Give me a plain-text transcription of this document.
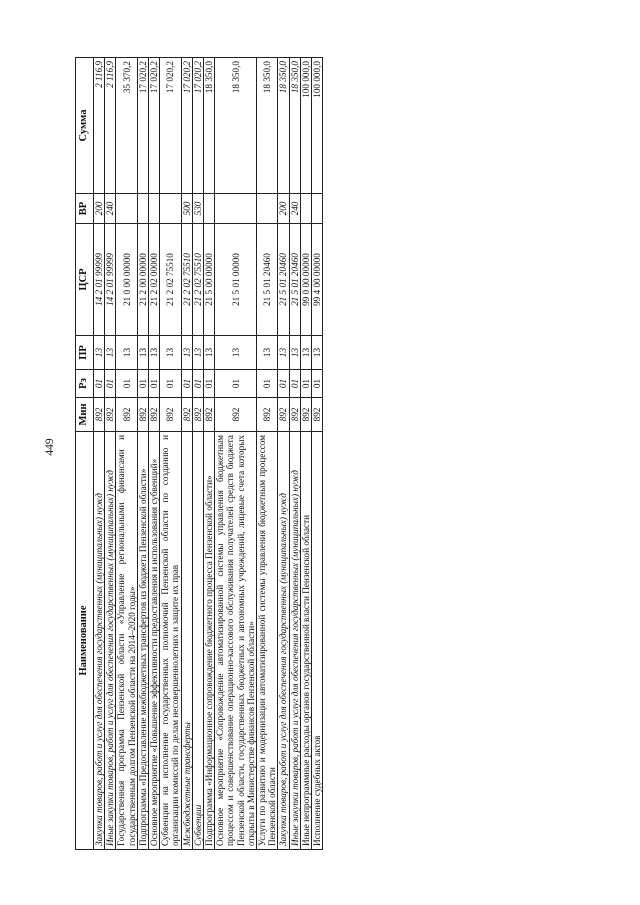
449
Наименование	Мин	Рз	ПР	ЦСР	ВР	Сумма
Закупка товаров, работ и услуг для обеспечения государственных (муниципальных) нужд	892	01	13	14 2 01 99999	200	2 116,9
Иные закупки товаров, работ и услуг для обеспечения государственных (муниципальных) нужд	892	01	13	14 2 01 99999	240	2 116,9
Государственная программа Пензенской области «Управление региональными финансами и государственным долгом Пензенской области на 2014–2020 годы»	892	01	13	21 0 00 00000		35 370,2
Подпрограмма «Предоставление межбюджетных трансфертов из бюджета Пензенской области»	892	01	13	21 2 00 00000		17 020,2
Основное мероприятие «Повышение эффективности предоставления и использования субвенций»	892	01	13	21 2 02 00000		17 020,2
Субвенции на исполнение государственных полномочий Пензенской области по созданию и организации комиссий по делам несовершеннолетних и защите их прав	892	01	13	21 2 02 75510		17 020,2
Межбюджетные трансферты	892	01	13	21 2 02 75510	500	17 020,2
Субвенции	892	01	13	21 2 02 75510	530	17 020,2
Подпрограмма «Информационное сопровождение бюджетного процесса Пензенской области»	892	01	13	21 5 00 00000		18 350,0
Основное мероприятие «Сопровождение автоматизированной системы управления бюджетным процессом и совершенствование операционно-кассового обслуживания получателей средств бюджета Пензенской области, государственных бюджетных и автономных учреждений, лицевые счета которых открыты в Министерстве финансов Пензенской области»	892	01	13	21 5 01 00000		18 350,0
Услуги по развитию и модернизации автоматизированной системы управления бюджетным процессом Пензенской области	892	01	13	21 5 01 20460		18 350,0
Закупка товаров, работ и услуг для обеспечения государственных (муниципальных) нужд	892	01	13	21 5 01 20460	200	18 350,0
Иные закупки товаров, работ и услуг для обеспечения государственных (муниципальных) нужд	892	01	13	21 5 01 20460	240	18 350,0
Иные непрограммные расходы органов государственной власти Пензенской области	892	01	13	99 0 00 00000		100 000,0
Исполнение судебных актов	892	01	13	99 4 00 00000		100 000,0
